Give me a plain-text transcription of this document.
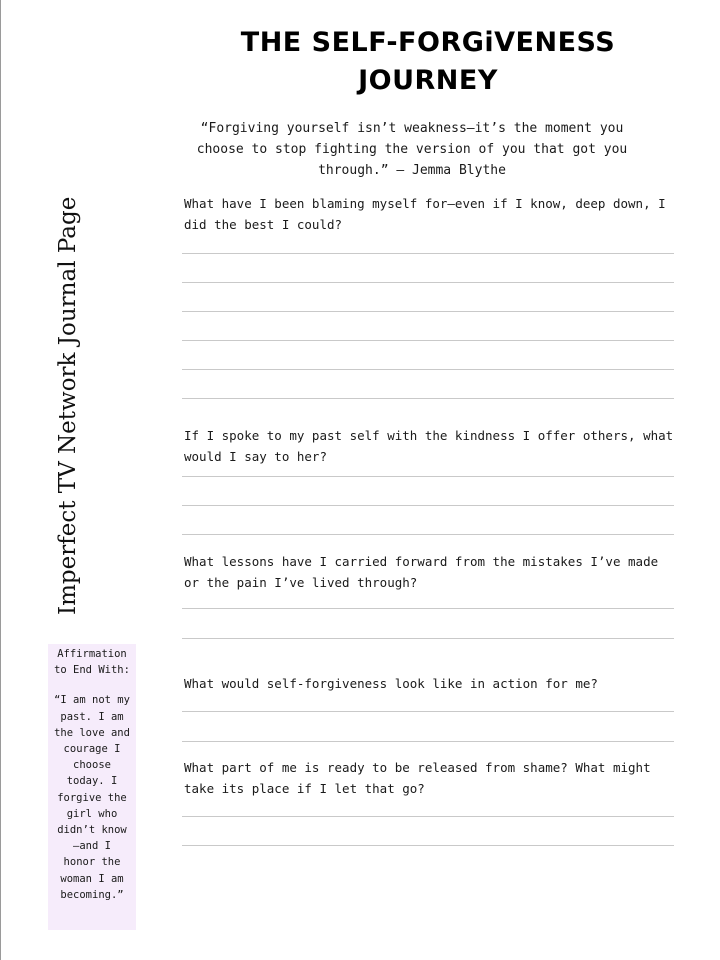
THE SELF-FORGiVENESS
JOURNEY
“Forgiving yourself isn’t weakness—it’s the moment you choose to stop fighting the version of you that got you through.” — Jemma Blythe
Imperfect TV Network Journal Page
Affirmation
to End With:
“I am not my
past. I am
the love and
courage I
choose
today. I
forgive the
girl who
didn’t know
—and I
honor the
woman I am
becoming.”
What have I been blaming myself for—even if I know, deep down, I did the best I could?
If I spoke to my past self with the kindness I offer others, what would I say to her?
What lessons have I carried forward from the mistakes I’ve made or the pain I’ve lived through?
What would self-forgiveness look like in action for me?
What part of me is ready to be released from shame? What might take its place if I let that go?
